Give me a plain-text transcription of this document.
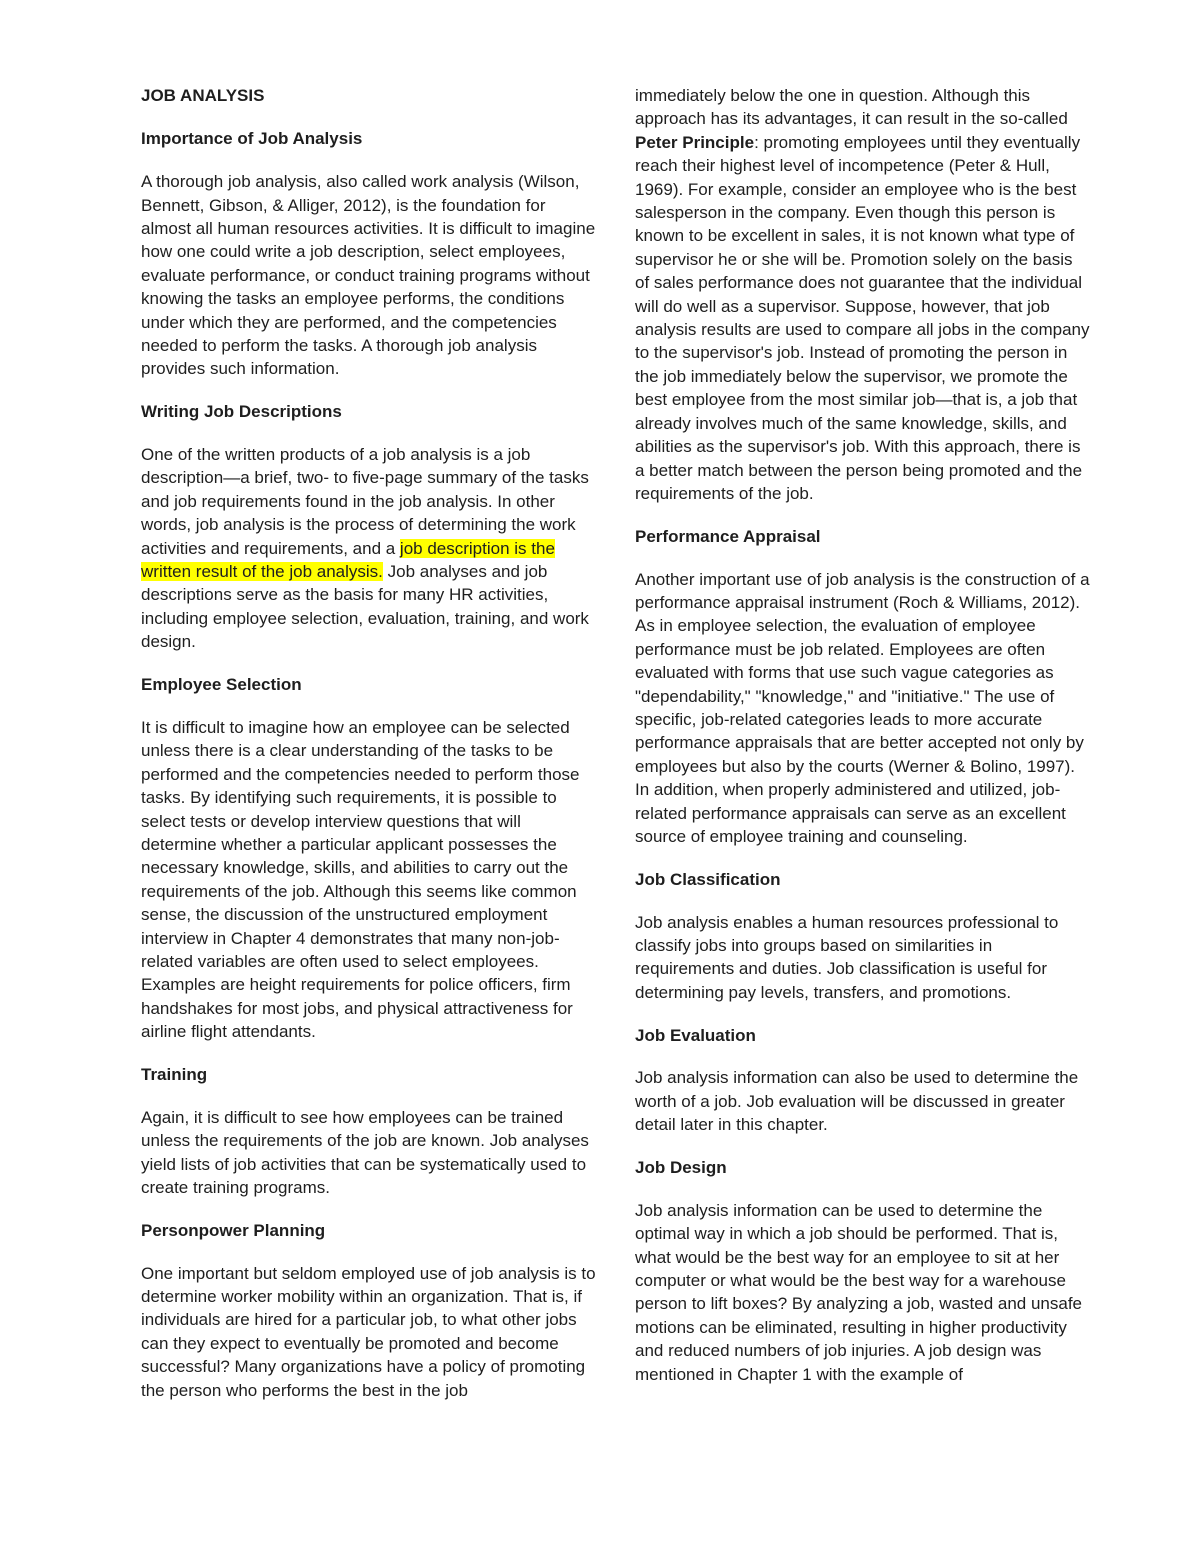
JOB ANALYSIS

Importance of Job Analysis

A thorough job analysis, also called work analysis (Wilson, Bennett, Gibson, & Alliger, 2012), is the foundation for almost all human resources activities. It is difficult to imagine how one could write a job description, select employees, evaluate performance, or conduct training programs without knowing the tasks an employee performs, the conditions under which they are performed, and the competencies needed to perform the tasks. A thorough job analysis provides such information.

Writing Job Descriptions

One of the written products of a job analysis is a job description—a brief, two- to five-page summary of the tasks and job requirements found in the job analysis. In other words, job analysis is the process of determining the work activities and requirements, and a job description is the written result of the job analysis. Job analyses and job descriptions serve as the basis for many HR activities, including employee selection, evaluation, training, and work design.

Employee Selection

It is difficult to imagine how an employee can be selected unless there is a clear understanding of the tasks to be performed and the competencies needed to perform those tasks. By identifying such requirements, it is possible to select tests or develop interview questions that will determine whether a particular applicant possesses the necessary knowledge, skills, and abilities to carry out the requirements of the job. Although this seems like common sense, the discussion of the unstructured employment interview in Chapter 4 demonstrates that many non-job-related variables are often used to select employees. Examples are height requirements for police officers, firm handshakes for most jobs, and physical attractiveness for airline flight attendants.

Training

Again, it is difficult to see how employees can be trained unless the requirements of the job are known. Job analyses yield lists of job activities that can be systematically used to create training programs.

Personpower Planning

One important but seldom employed use of job analysis is to determine worker mobility within an organization. That is, if individuals are hired for a particular job, to what other jobs can they expect to eventually be promoted and become successful? Many organizations have a policy of promoting the person who performs the best in the job

immediately below the one in question. Although this approach has its advantages, it can result in the so-called Peter Principle: promoting employees until they eventually reach their highest level of incompetence (Peter & Hull, 1969). For example, consider an employee who is the best salesperson in the company. Even though this person is known to be excellent in sales, it is not known what type of supervisor he or she will be. Promotion solely on the basis of sales performance does not guarantee that the individual will do well as a supervisor. Suppose, however, that job analysis results are used to compare all jobs in the company to the supervisor's job. Instead of promoting the person in the job immediately below the supervisor, we promote the best employee from the most similar job—that is, a job that already involves much of the same knowledge, skills, and abilities as the supervisor's job. With this approach, there is a better match between the person being promoted and the requirements of the job.

Performance Appraisal

Another important use of job analysis is the construction of a performance appraisal instrument (Roch & Williams, 2012). As in employee selection, the evaluation of employee performance must be job related. Employees are often evaluated with forms that use such vague categories as "dependability," "knowledge," and "initiative." The use of specific, job-related categories leads to more accurate performance appraisals that are better accepted not only by employees but also by the courts (Werner & Bolino, 1997). In addition, when properly administered and utilized, job-related performance appraisals can serve as an excellent source of employee training and counseling.

Job Classification

Job analysis enables a human resources professional to classify jobs into groups based on similarities in requirements and duties. Job classification is useful for determining pay levels, transfers, and promotions.

Job Evaluation

Job analysis information can also be used to determine the worth of a job. Job evaluation will be discussed in greater detail later in this chapter.

Job Design

Job analysis information can be used to determine the optimal way in which a job should be performed. That is, what would be the best way for an employee to sit at her computer or what would be the best way for a warehouse person to lift boxes? By analyzing a job, wasted and unsafe motions can be eliminated, resulting in higher productivity and reduced numbers of job injuries. A job design was mentioned in Chapter 1 with the example of
